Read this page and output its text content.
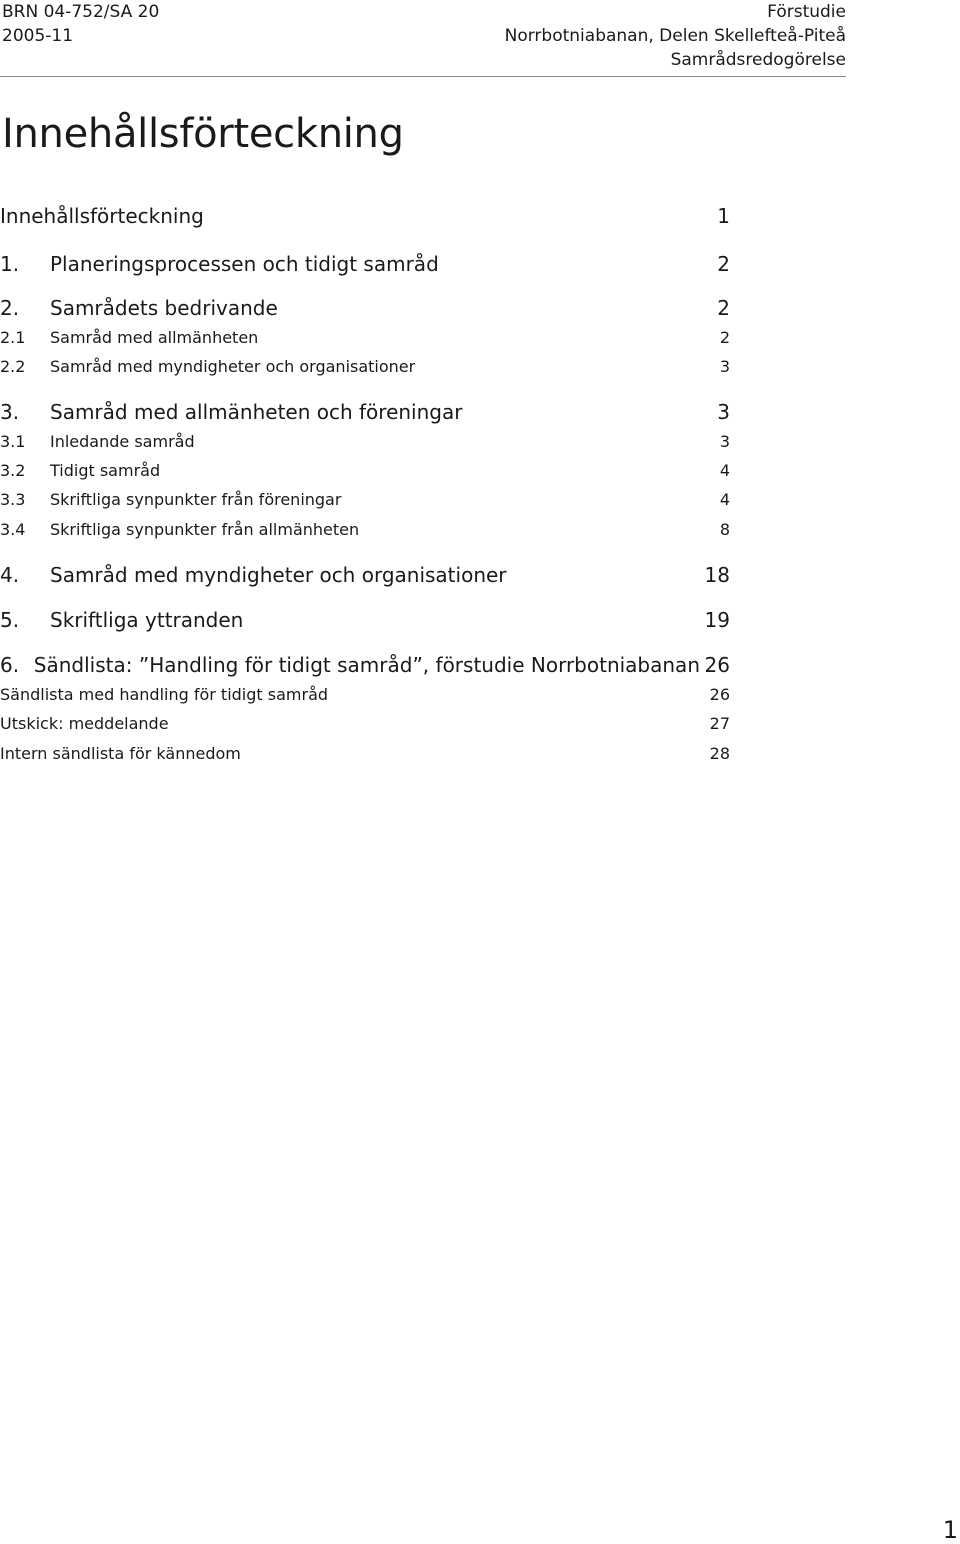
BRN 04-752/SA 20
2005-11
Förstudie
Norrbotniabanan, Delen Skellefteå-Piteå
Samrådsredogörelse
Innehållsförteckning
Innehållsförteckning	1
1.	Planeringsprocessen och tidigt samråd	2
2.	Samrådets bedrivande	2
2.1	Samråd med allmänheten	2
2.2	Samråd med myndigheter och organisationer	3
3.	Samråd med allmänheten och föreningar	3
3.1	Inledande samråd	3
3.2	Tidigt samråd	4
3.3	Skriftliga synpunkter från föreningar	4
3.4	Skriftliga synpunkter från allmänheten	8
4.	Samråd med myndigheter och organisationer	18
5.	Skriftliga yttranden	19
6. Sändlista: ”Handling för tidigt samråd”, förstudie Norrbotniabanan 26
Sändlista med handling för tidigt samråd	26
Utskick: meddelande	27
Intern sändlista för kännedom	28
1
